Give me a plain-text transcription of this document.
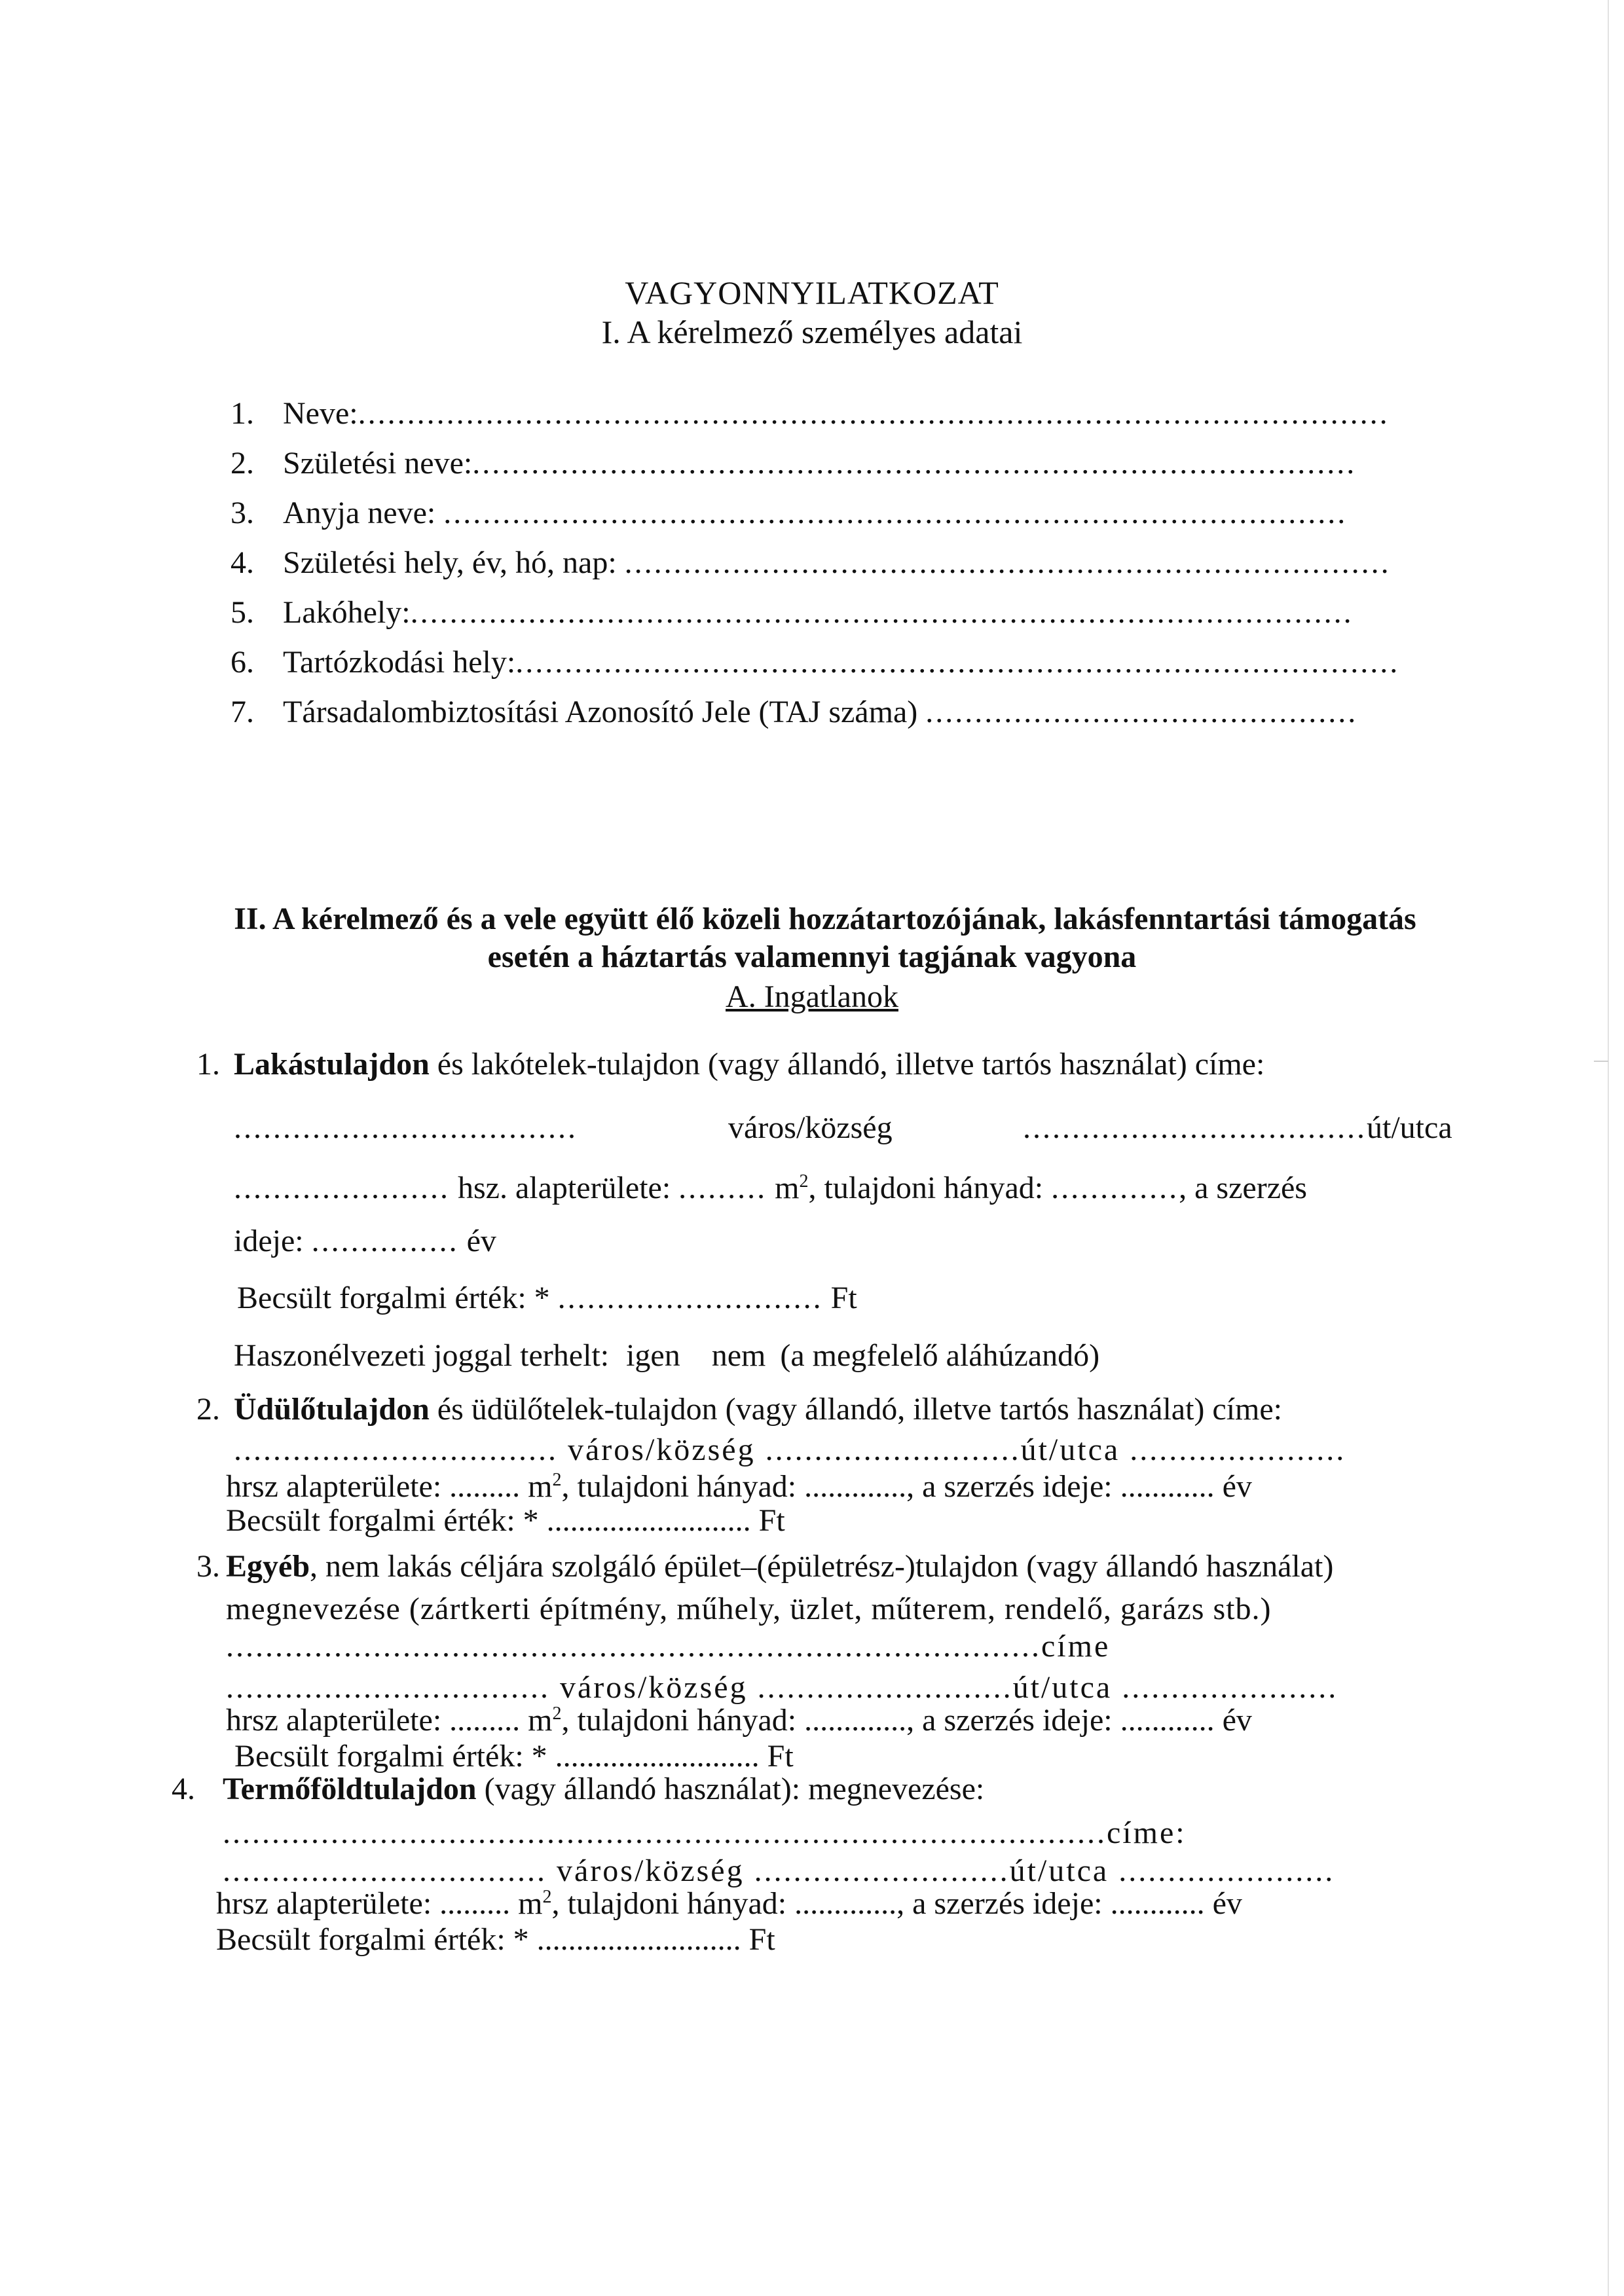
VAGYONNYILATKOZAT
I. A kérelmező személyes adatai
1. Neve:.........................................................................................................
2. Születési neve:..........................................................................................
3. Anyja neve: ............................................................................................
4. Születési hely, év, hó, nap: ..............................................................................
5. Lakóhely:................................................................................................
6. Tartózkodási hely:..........................................................................................
7. Társadalombiztosítási Azonosító Jele (TAJ száma) ............................................
II. A kérelmező és a vele együtt élő közeli hozzátartozójának, lakásfenntartási támogatás
esetén a háztartás valamennyi tagjának vagyona
A. Ingatlanok
1. Lakástulajdon és lakótelek-tulajdon (vagy állandó, illetve tartós használat) címe:
...................................	város/község	...................................út/utca
...................... hsz. alapterülete: ......... $m^2$, tulajdoni hányad: ............., a szerzés
ideje: ............... év
Becsült forgalmi érték: * ........................... Ft
Haszonélvezeti joggal terhelt: igen nem (a megfelelő aláhúzandó)
2. Üdülőtulajdon és üdülőtelek-tulajdon (vagy állandó, illetve tartós használat) címe:
................................. város/község ..........................út/utca ......................
hrsz alapterülete: ......... $m^2$, tulajdoni hányad: ............., a szerzés ideje: ............ év
Becsült forgalmi érték: * .......................... Ft
3. Egyéb, nem lakás céljára szolgáló épület–(épületrész-)tulajdon (vagy állandó használat)
megnevezése (zártkerti építmény, műhely, üzlet, műterem, rendelő, garázs stb.)
...................................................................................címe
................................. város/község ..........................út/utca ......................
hrsz alapterülete: ......... $m^2$, tulajdoni hányad: ............., a szerzés ideje: ............ év
Becsült forgalmi érték: * .......................... Ft
4. Termőföldtulajdon (vagy állandó használat): megnevezése:
..........................................................................................címe:
................................. város/község ..........................út/utca ......................
hrsz alapterülete: ......... $m^2$, tulajdoni hányad: ............., a szerzés ideje: ............ év
Becsült forgalmi érték: * .......................... Ft
